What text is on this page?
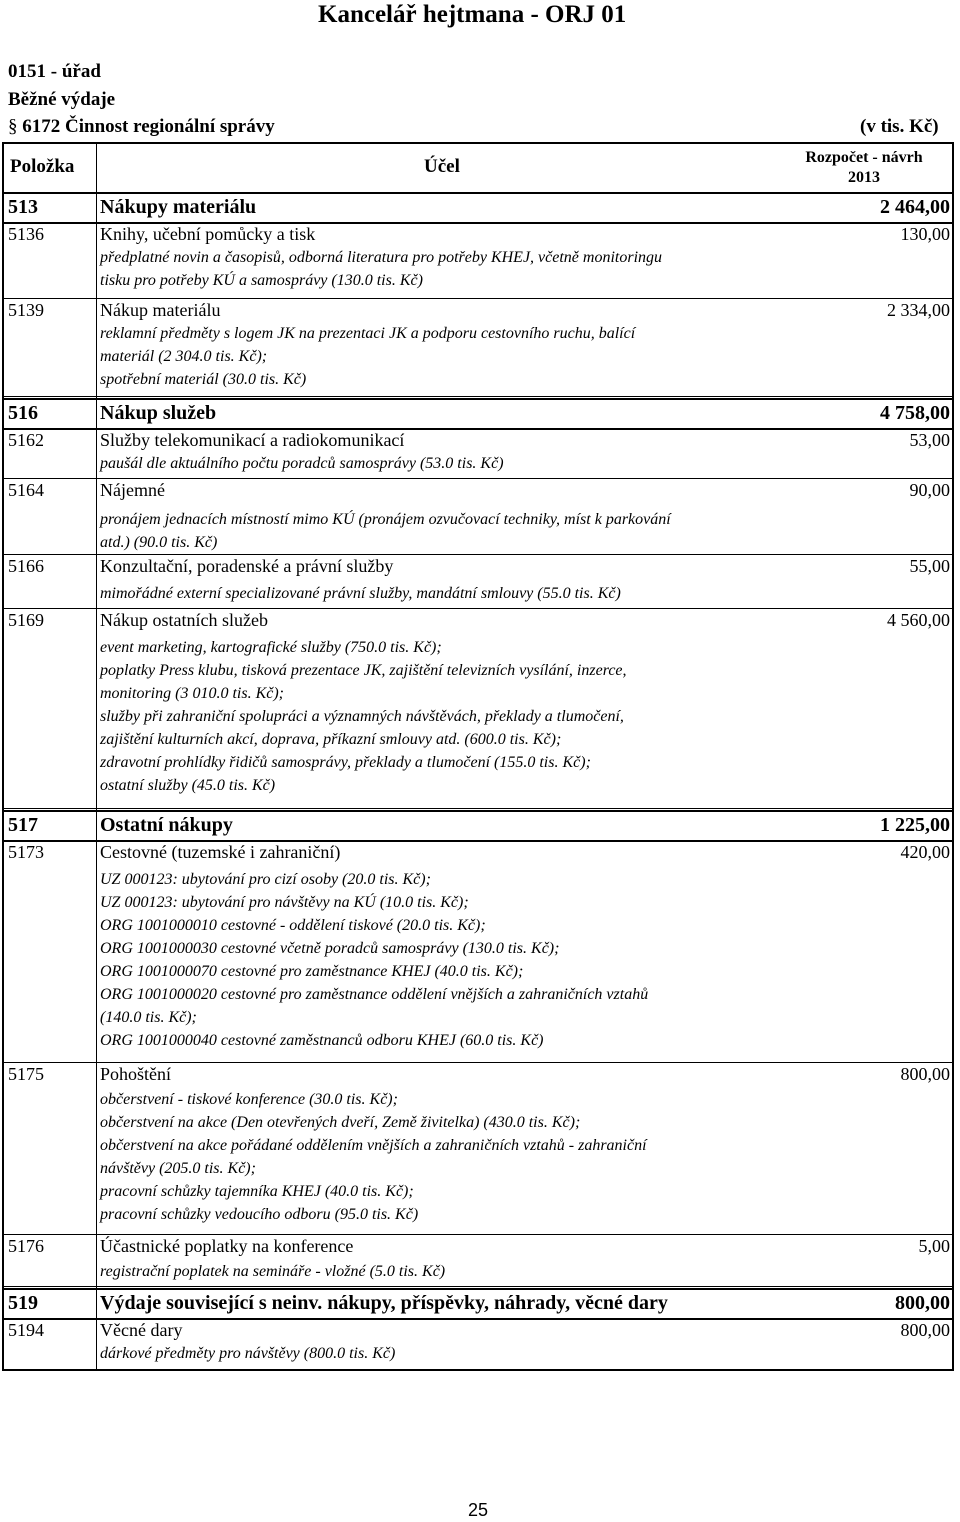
Kancelář hejtmana - ORJ 01
0151 - úřad
Běžné výdaje
§ 6172 Činnost regionální správy	(v tis. Kč)
Položka	Účel	Rozpočet - návrh
2013
513	Nákupy materiálu	2 464,00
5136	Knihy, učební pomůcky a tisk	130,00
předplatné novin a časopisů, odborná literatura pro potřeby KHEJ, včetně monitoringu
tisku pro potřeby KÚ a samosprávy (130.0 tis. Kč)
5139	Nákup materiálu	2 334,00
reklamní předměty s logem JK na prezentaci JK a podporu cestovního ruchu, balící
materiál (2 304.0 tis. Kč);
spotřební materiál (30.0 tis. Kč)
516	Nákup služeb	4 758,00
5162	Služby telekomunikací a radiokomunikací	53,00
paušál dle aktuálního počtu poradců samosprávy (53.0 tis. Kč)
5164	Nájemné	90,00
pronájem jednacích místností mimo KÚ (pronájem ozvučovací techniky, míst k parkování
atd.) (90.0 tis. Kč)
5166	Konzultační, poradenské a právní služby	55,00
mimořádné externí specializované právní služby, mandátní smlouvy (55.0 tis. Kč)
5169	Nákup ostatních služeb	4 560,00
event marketing, kartografické služby (750.0 tis. Kč);
poplatky Press klubu, tisková prezentace JK, zajištění televizních vysílání, inzerce,
monitoring (3 010.0 tis. Kč);
služby při zahraniční spolupráci a významných návštěvách, překlady a tlumočení,
zajištění kulturních akcí, doprava, příkazní smlouvy atd. (600.0 tis. Kč);
zdravotní prohlídky řidičů samosprávy, překlady a tlumočení (155.0 tis. Kč);
ostatní služby (45.0 tis. Kč)
517	Ostatní nákupy	1 225,00
5173	Cestovné (tuzemské i zahraniční)	420,00
UZ 000123: ubytování pro cizí osoby (20.0 tis. Kč);
UZ 000123: ubytování pro návštěvy na KÚ (10.0 tis. Kč);
ORG 1001000010 cestovné - oddělení tiskové (20.0 tis. Kč);
ORG 1001000030 cestovné včetně poradců samosprávy (130.0 tis. Kč);
ORG 1001000070 cestovné pro zaměstnance KHEJ (40.0 tis. Kč);
ORG 1001000020 cestovné pro zaměstnance oddělení vnějších a zahraničních vztahů
(140.0 tis. Kč);
ORG 1001000040 cestovné zaměstnanců odboru KHEJ (60.0 tis. Kč)
5175	Pohoštění	800,00
občerstvení - tiskové konference (30.0 tis. Kč);
občerstvení na akce (Den otevřených dveří, Země živitelka) (430.0 tis. Kč);
občerstvení na akce pořádané oddělením vnějších a zahraničních vztahů - zahraniční
návštěvy (205.0 tis. Kč);
pracovní schůzky tajemníka KHEJ (40.0 tis. Kč);
pracovní schůzky vedoucího odboru (95.0 tis. Kč)
5176	Účastnické poplatky na konference	5,00
registrační poplatek na semináře - vložné (5.0 tis. Kč)
519	Výdaje související s neinv. nákupy, příspěvky, náhrady, věcné dary	800,00
5194	Věcné dary	800,00
dárkové předměty pro návštěvy (800.0 tis. Kč)
25
